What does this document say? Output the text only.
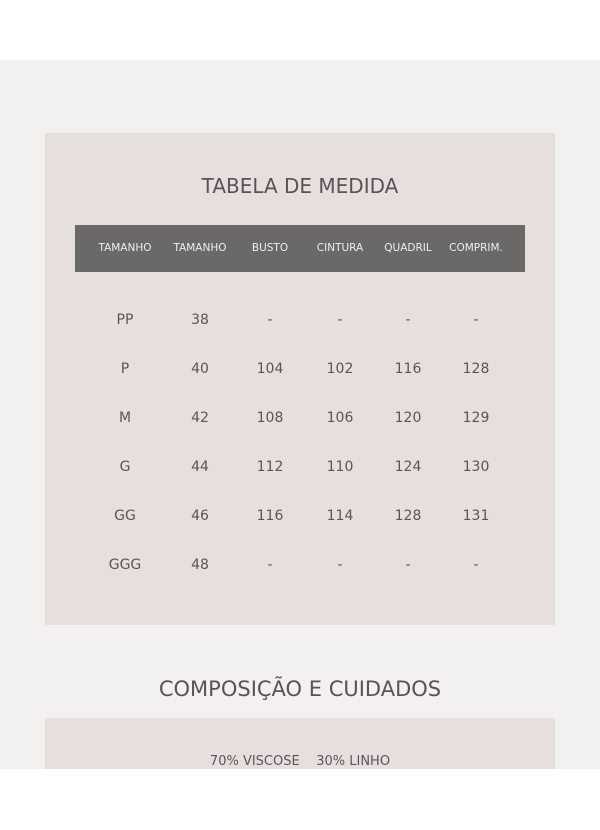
TABELA DE MEDIDA
TAMANHO	TAMANHO	BUSTO	CINTURA	QUADRIL	COMPRIM.
PP	38	-	-	-	-
P	40	104	102	116	128
M	42	108	106	120	129
G	44	112	110	124	130
GG	46	116	114	128	131
GGG	48	-	-	-	-
COMPOSIÇÃO E CUIDADOS
70% VISCOSE    30% LINHO
